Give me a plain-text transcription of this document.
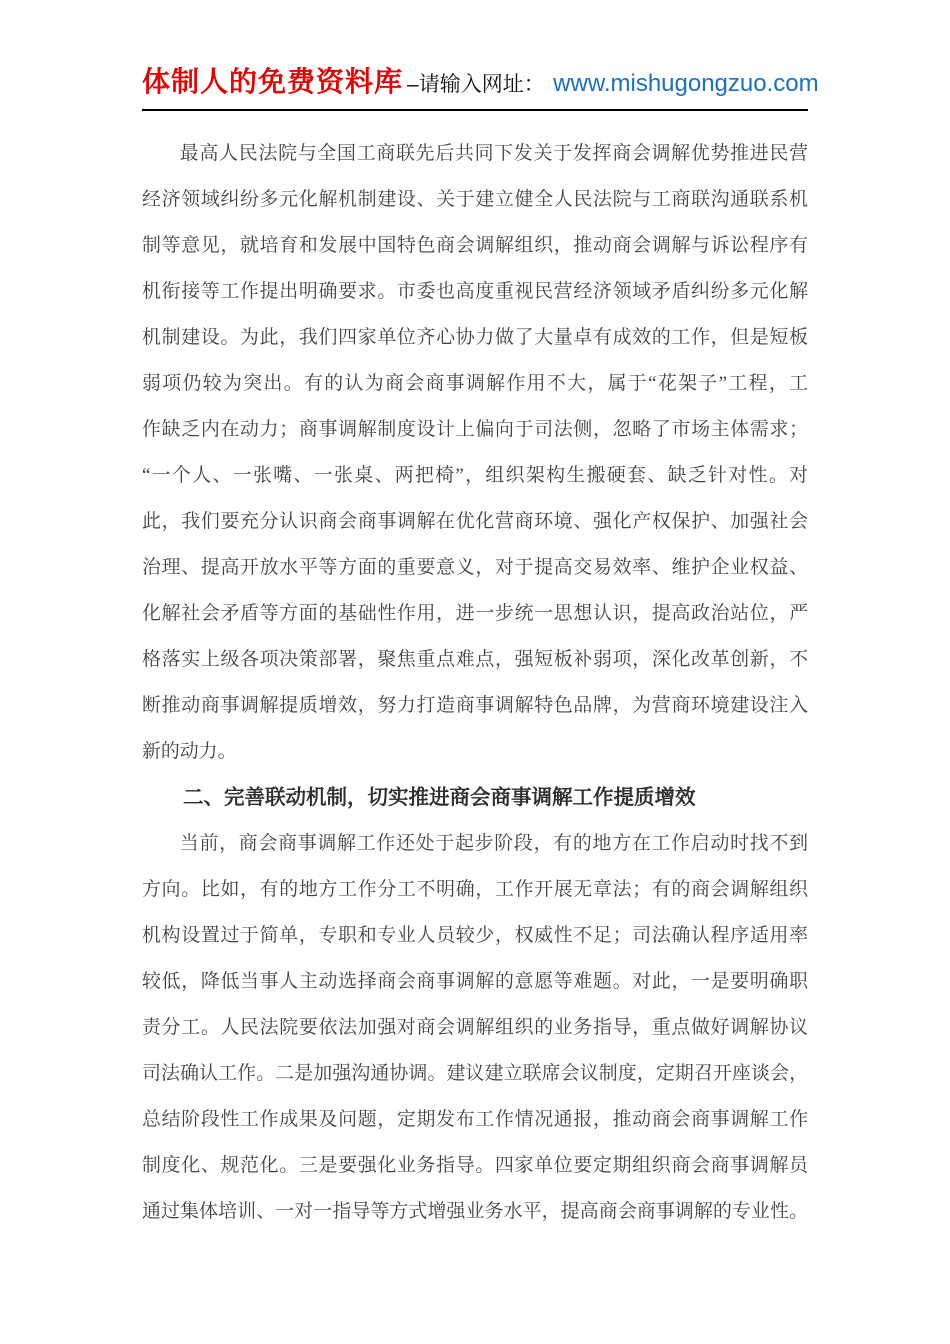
体制人的免费资料库 –请输入网址： www.mishugongzuo.com
最高人民法院与全国工商联先后共同下发关于发挥商会调解优势推进民营
经济领域纠纷多元化解机制建设、关于建立健全人民法院与工商联沟通联系机
制等意见，就培育和发展中国特色商会调解组织，推动商会调解与诉讼程序有
机衔接等工作提出明确要求。市委也高度重视民营经济领域矛盾纠纷多元化解
机制建设。为此，我们四家单位齐心协力做了大量卓有成效的工作，但是短板
弱项仍较为突出。有的认为商会商事调解作用不大，属于“花架子”工程，工
作缺乏内在动力；商事调解制度设计上偏向于司法侧，忽略了市场主体需求；
“一个人、一张嘴、一张桌、两把椅”，组织架构生搬硬套、缺乏针对性。对
此，我们要充分认识商会商事调解在优化营商环境、强化产权保护、加强社会
治理、提高开放水平等方面的重要意义，对于提高交易效率、维护企业权益、
化解社会矛盾等方面的基础性作用，进一步统一思想认识，提高政治站位，严
格落实上级各项决策部署，聚焦重点难点，强短板补弱项，深化改革创新，不
断推动商事调解提质增效，努力打造商事调解特色品牌，为营商环境建设注入
新的动力。
二、完善联动机制，切实推进商会商事调解工作提质增效
当前，商会商事调解工作还处于起步阶段，有的地方在工作启动时找不到
方向。比如，有的地方工作分工不明确，工作开展无章法；有的商会调解组织
机构设置过于简单，专职和专业人员较少，权威性不足；司法确认程序适用率
较低，降低当事人主动选择商会商事调解的意愿等难题。对此，一是要明确职
责分工。人民法院要依法加强对商会调解组织的业务指导，重点做好调解协议
司法确认工作。二是加强沟通协调。建议建立联席会议制度，定期召开座谈会，
总结阶段性工作成果及问题，定期发布工作情况通报，推动商会商事调解工作
制度化、规范化。三是要强化业务指导。四家单位要定期组织商会商事调解员
通过集体培训、一对一指导等方式增强业务水平，提高商会商事调解的专业性。
